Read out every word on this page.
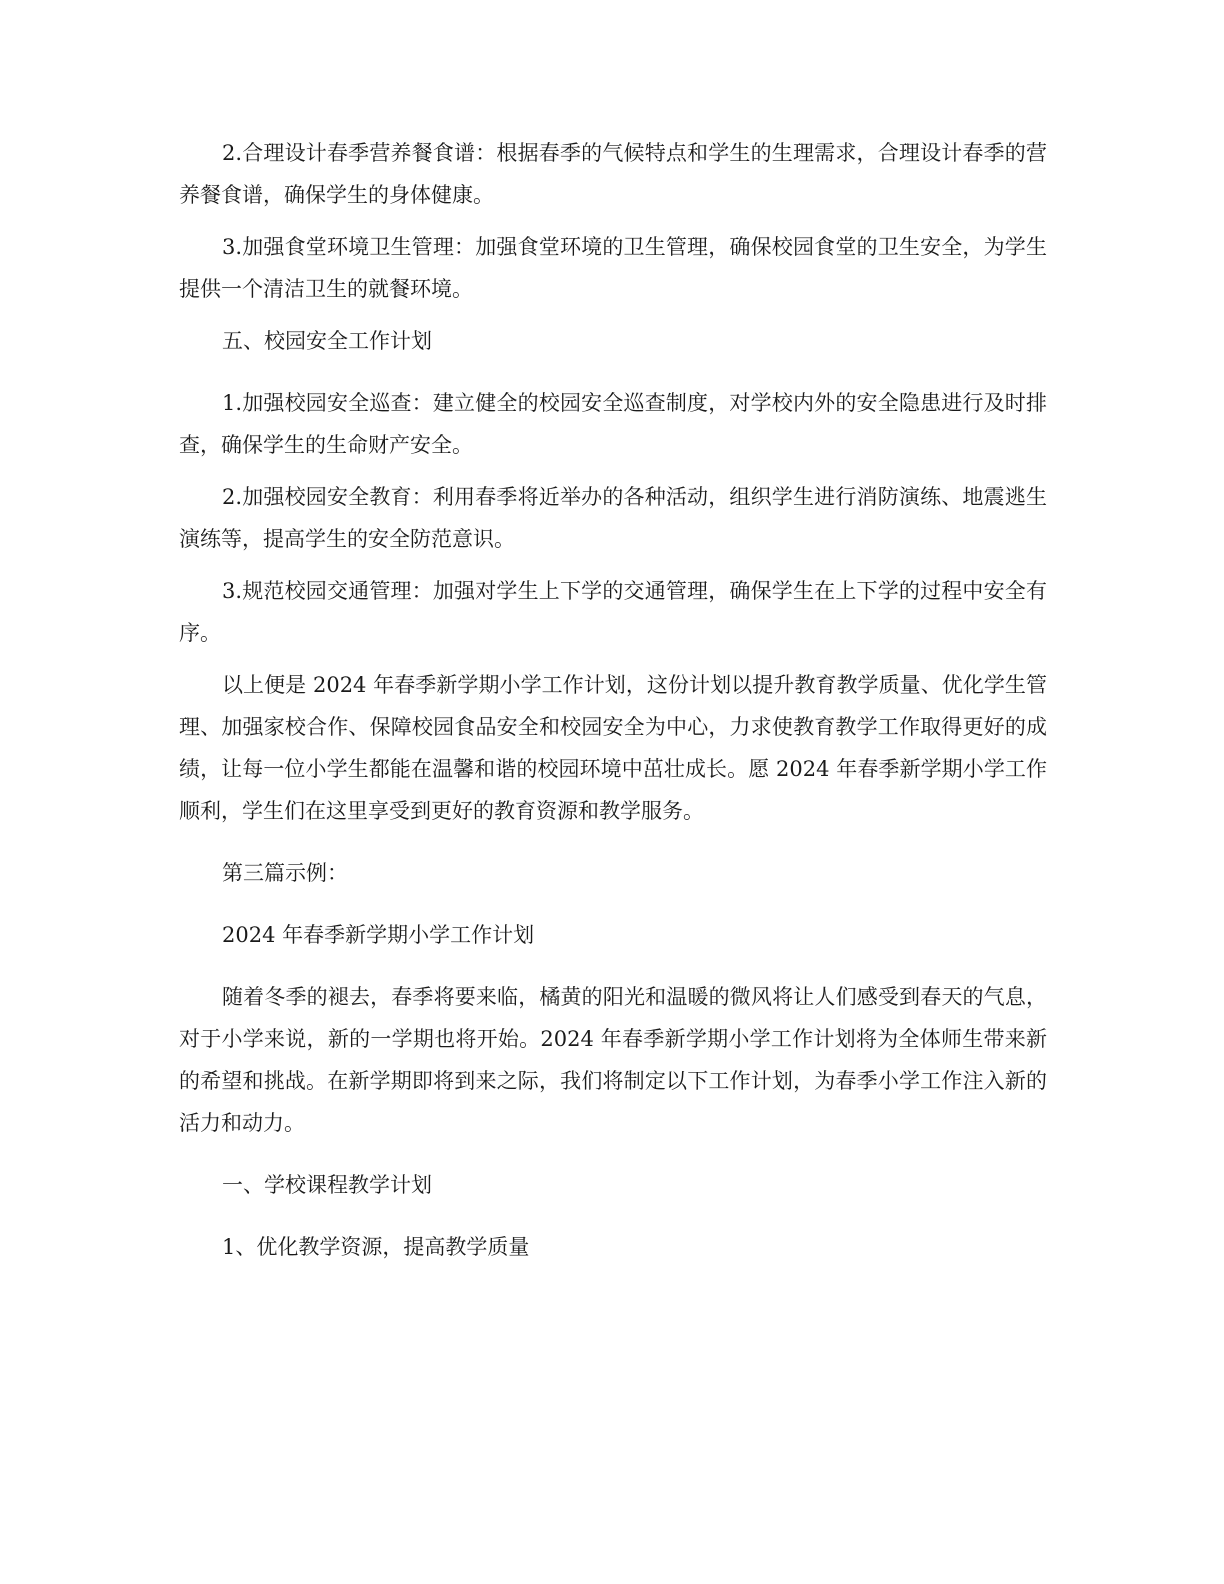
2.合理设计春季营养餐食谱：根据春季的气候特点和学生的生理需求，合理设计春季的营养餐食谱，确保学生的身体健康。

3.加强食堂环境卫生管理：加强食堂环境的卫生管理，确保校园食堂的卫生安全，为学生提供一个清洁卫生的就餐环境。

五、校园安全工作计划

1.加强校园安全巡查：建立健全的校园安全巡查制度，对学校内外的安全隐患进行及时排查，确保学生的生命财产安全。

2.加强校园安全教育：利用春季将近举办的各种活动，组织学生进行消防演练、地震逃生演练等，提高学生的安全防范意识。

3.规范校园交通管理：加强对学生上下学的交通管理，确保学生在上下学的过程中安全有序。

以上便是 2024 年春季新学期小学工作计划，这份计划以提升教育教学质量、优化学生管理、加强家校合作、保障校园食品安全和校园安全为中心，力求使教育教学工作取得更好的成绩，让每一位小学生都能在温馨和谐的校园环境中茁壮成长。愿 2024 年春季新学期小学工作顺利，学生们在这里享受到更好的教育资源和教学服务。

第三篇示例：

2024 年春季新学期小学工作计划

随着冬季的褪去，春季将要来临，橘黄的阳光和温暖的微风将让人们感受到春天的气息，对于小学来说，新的一学期也将开始。2024 年春季新学期小学工作计划将为全体师生带来新的希望和挑战。在新学期即将到来之际，我们将制定以下工作计划，为春季小学工作注入新的活力和动力。

一、学校课程教学计划

1、优化教学资源，提高教学质量
